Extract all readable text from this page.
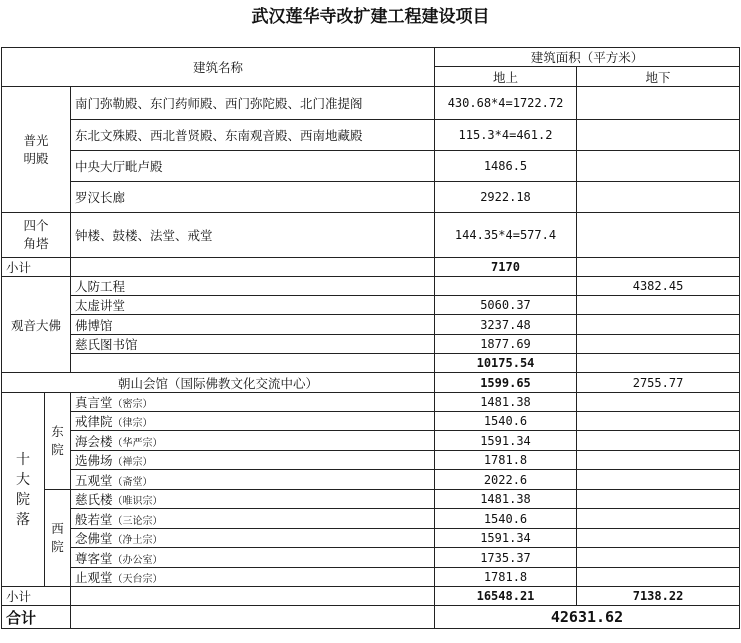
武汉莲华寺改扩建工程建设项目
建筑名称			建筑面积（平方米）	
			地上	地下
普光明殿		南门弥勒殿、东门药师殿、西门弥陀殿、北门准提阁	430.68*4=1722.72	
		东北文殊殿、西北普贤殿、东南观音殿、西南地藏殿	115.3*4=461.2	
		中央大厅毗卢殿	1486.5	
		罗汉长廊	2922.18	
四个角塔		钟楼、鼓楼、法堂、戒堂	144.35*4=577.4	
小计			7170	
观音大佛		人防工程		4382.45
		太虚讲堂	5060.37	
		佛博馆	3237.48	
		慈氏图书馆	1877.69	
			10175.54	
朝山会馆（国际佛教文化交流中心）			1599.65	2755.77
十大院落	东院	真言堂（密宗）	1481.38	
		戒律院（律宗）	1540.6	
		海会楼（华严宗）	1591.34	
		选佛场（禅宗）	1781.8	
		五观堂（斋堂）	2022.6	
	西院	慈氏楼（唯识宗）	1481.38	
		般若堂（三论宗）	1540.6	
		念佛堂（净土宗）	1591.34	
		尊客堂（办公室）	1735.37	
		止观堂（天台宗）	1781.8	
小计			16548.21	7138.22
合计			42631.62	
